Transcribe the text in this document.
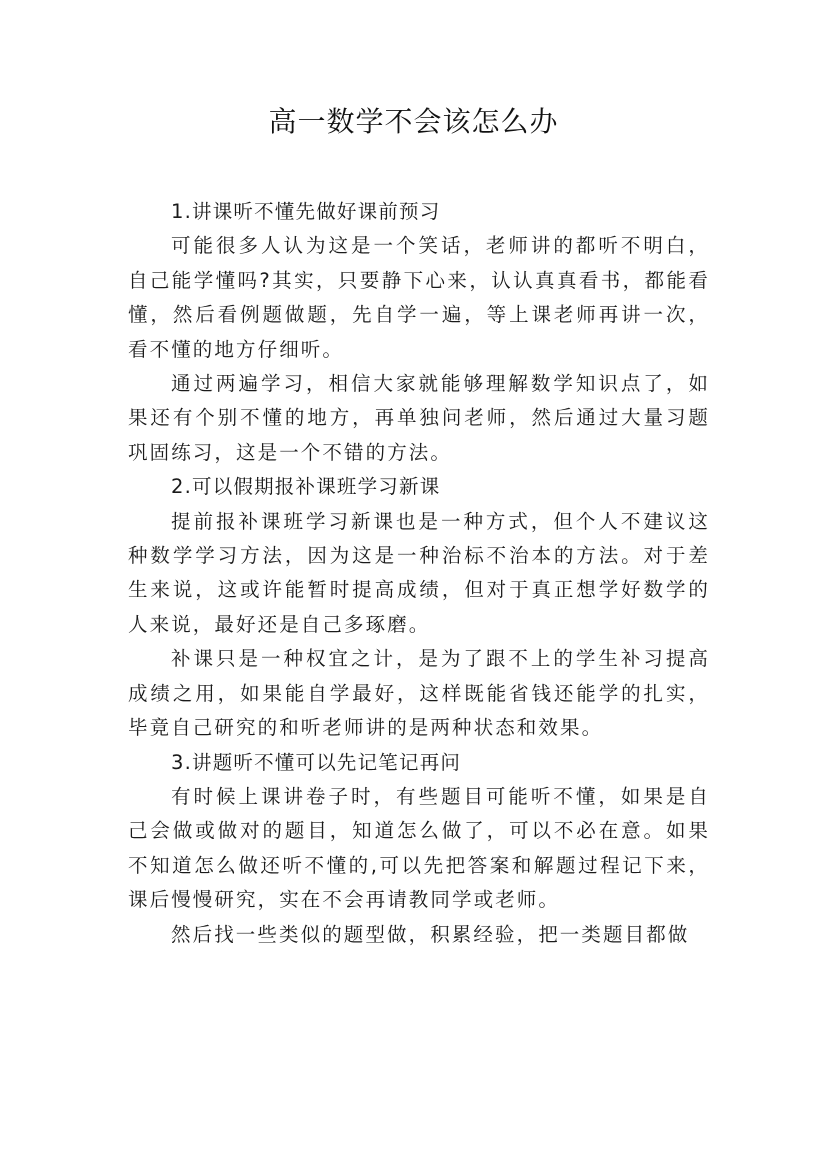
高一数学不会该怎么办

1.讲课听不懂先做好课前预习

可能很多人认为这是一个笑话，老师讲的都听不明白，自己能学懂吗?其实，只要静下心来，认认真真看书，都能看懂，然后看例题做题，先自学一遍，等上课老师再讲一次，看不懂的地方仔细听。

通过两遍学习，相信大家就能够理解数学知识点了，如果还有个别不懂的地方，再单独问老师，然后通过大量习题巩固练习，这是一个不错的方法。

2.可以假期报补课班学习新课

提前报补课班学习新课也是一种方式，但个人不建议这种数学学习方法，因为这是一种治标不治本的方法。对于差生来说，这或许能暂时提高成绩，但对于真正想学好数学的人来说，最好还是自己多琢磨。

补课只是一种权宜之计，是为了跟不上的学生补习提高成绩之用，如果能自学最好，这样既能省钱还能学的扎实，毕竟自己研究的和听老师讲的是两种状态和效果。

3.讲题听不懂可以先记笔记再问

有时候上课讲卷子时，有些题目可能听不懂，如果是自己会做或做对的题目，知道怎么做了，可以不必在意。如果不知道怎么做还听不懂的,可以先把答案和解题过程记下来，课后慢慢研究，实在不会再请教同学或老师。

然后找一些类似的题型做，积累经验，把一类题目都做
